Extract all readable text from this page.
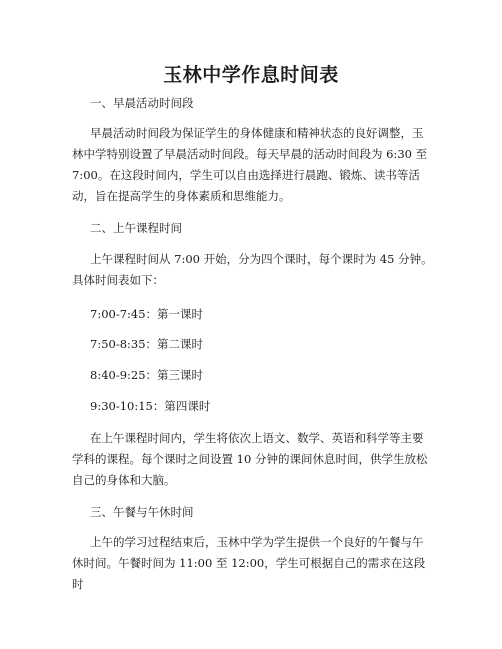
玉林中学作息时间表

一、早晨活动时间段

早晨活动时间段为保证学生的身体健康和精神状态的良好调整，玉林中学特别设置了早晨活动时间段。每天早晨的活动时间段为 6:30 至 7:00。在这段时间内，学生可以自由选择进行晨跑、锻炼、读书等活动，旨在提高学生的身体素质和思维能力。

二、上午课程时间

上午课程时间从 7:00 开始，分为四个课时，每个课时为 45 分钟。具体时间表如下：

7:00-7:45：第一课时

7:50-8:35：第二课时

8:40-9:25：第三课时

9:30-10:15：第四课时

在上午课程时间内，学生将依次上语文、数学、英语和科学等主要学科的课程。每个课时之间设置 10 分钟的课间休息时间，供学生放松自己的身体和大脑。

三、午餐与午休时间

上午的学习过程结束后，玉林中学为学生提供一个良好的午餐与午休时间。午餐时间为 11:00 至 12:00，学生可根据自己的需求在这段时
